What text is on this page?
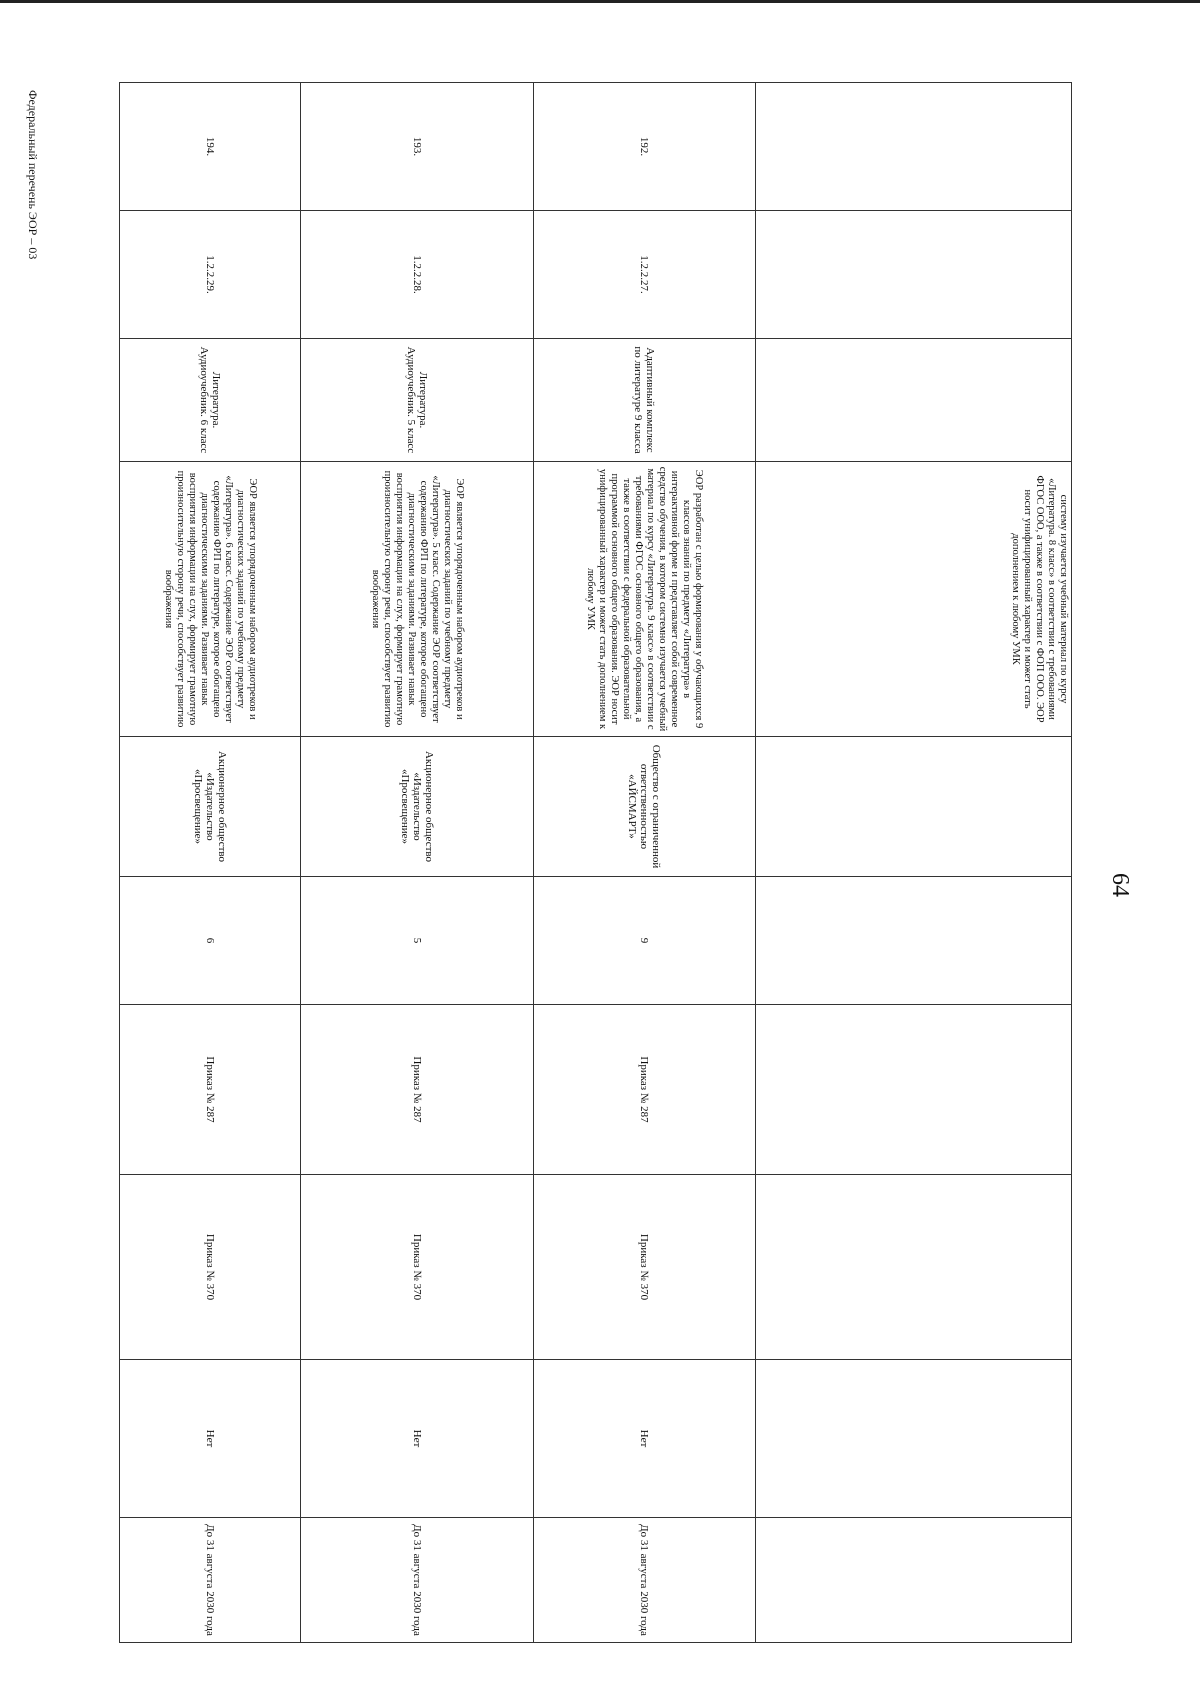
Федеральный перечень ЭОР – 03
64
			систему изучается учебный материал по курсу «Литература. 8 класс» в соответствии с требованиями ФГОС ООО, а также в соответствии с ФОП ООО. ЭОР носит унифицированный характер и может стать дополнением к любому УМК						
192.	1.2.2.27.	Адаптивный комплекс по литературе 9 класса	ЭОР разработан с целью формирования у обучающихся 9 классов знаний по предмету «Литература» в интерактивной форме и представляет собой современное средство обучения, в котором системно изучается учебный материал по курсу «Литература. 9 класс» в соответствии с требованиями ФГОС основного общего образования, а также в соответствии с федеральной образовательной программой основного общего образования. ЭОР носит унифицированный характер и может стать дополнением к любому УМК	Общество с ограниченной ответственностью «АЙСМАРТ»	9	Приказ № 287	Приказ № 370	Нет	До 31 августа 2030 года
193.	1.2.2.28.	Литература. Аудиоучебник. 5 класс	ЭОР является упорядоченным набором аудиотреков и диагностических заданий по учебному предмету «Литература». 5 класс. Содержание ЭОР соответствует содержанию ФРП по литературе, которое обогащено диагностическими заданиями. Развивает навык восприятия информации на слух, формирует грамотную произносительную сторону речи, способствует развитию воображения	Акционерное общество «Издательство «Просвещение»	5	Приказ № 287	Приказ № 370	Нет	До 31 августа 2030 года
194.	1.2.2.29.	Литература. Аудиоучебник. 6 класс	ЭОР является упорядоченным набором аудиотреков и диагностических заданий по учебному предмету «Литература». 6 класс. Содержание ЭОР соответствует содержанию ФРП по литературе, которое обогащено диагностическими заданиями. Развивает навык восприятия информации на слух, формирует грамотную произносительную сторону речи, способствует развитию воображения	Акционерное общество «Издательство «Просвещение»	6	Приказ № 287	Приказ № 370	Нет	До 31 августа 2030 года
